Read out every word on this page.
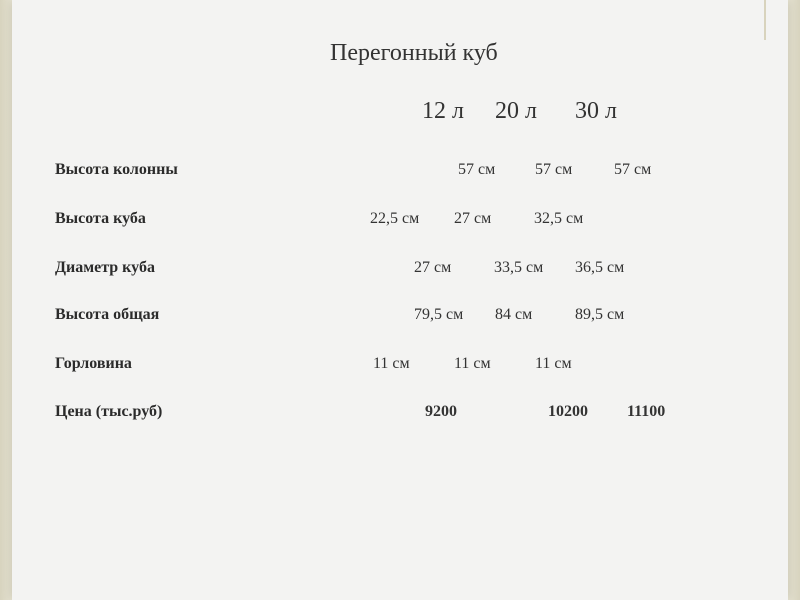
Перегонный куб
12 л 20 л 30 л
Высота колонны	57 см 57 см	57 см
Высота куба	22,5 см 27 см	32,5 см
Диаметр куба	27 см	33,5 см 36,5 см
Высота общая	79,5 см 84 см	89,5 см
Горловина	11 см	11 см	11 см
Цена (тыс.руб)	9200	10200 11100
